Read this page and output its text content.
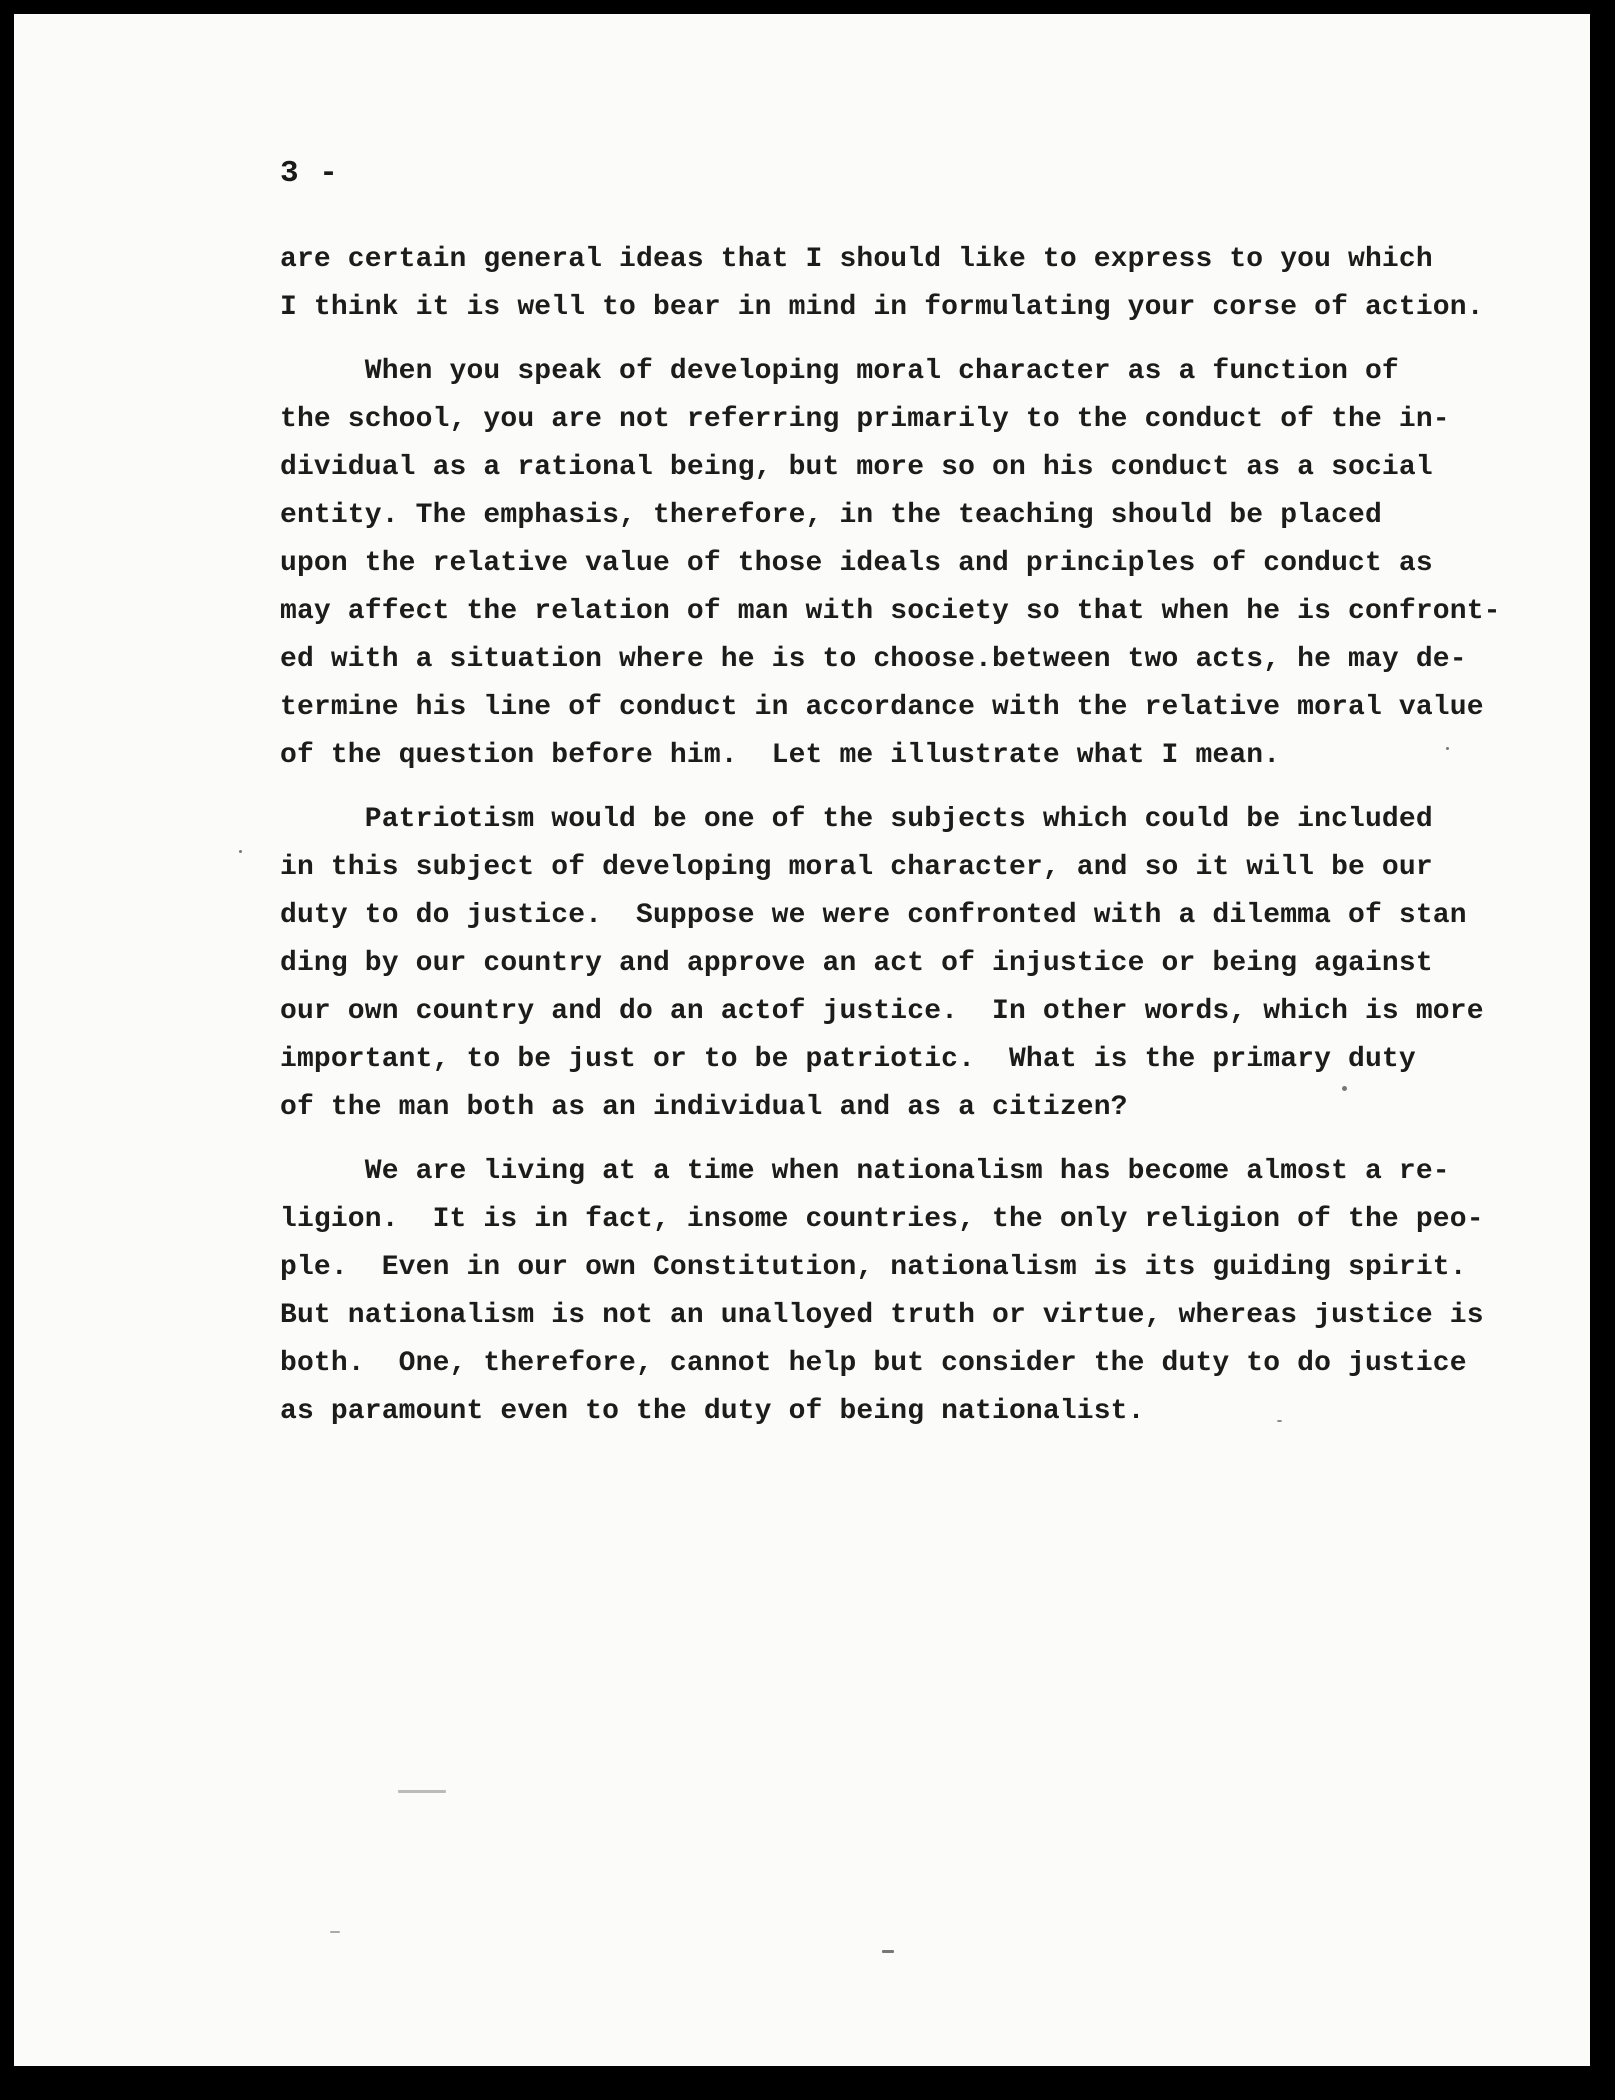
3 -
are certain general ideas that I should like to express to you which
I think it is well to bear in mind in formulating your corse of action.
When you speak of developing moral character as a function of
the school, you are not referring primarily to the conduct of the in-
dividual as a rational being, but more so on his conduct as a social
entity. The emphasis, therefore, in the teaching should be placed
upon the relative value of those ideals and principles of conduct as
may affect the relation of man with society so that when he is confront-
ed with a situation where he is to choose.between two acts, he may de-
termine his line of conduct in accordance with the relative moral value
of the question before him.  Let me illustrate what I mean.
Patriotism would be one of the subjects which could be included
in this subject of developing moral character, and so it will be our
duty to do justice.  Suppose we were confronted with a dilemma of stan
ding by our country and approve an act of injustice or being against
our own country and do an actof justice.  In other words, which is more
important, to be just or to be patriotic.  What is the primary duty
of the man both as an individual and as a citizen?
We are living at a time when nationalism has become almost a re-
ligion.  It is in fact, insome countries, the only religion of the peo-
ple.  Even in our own Constitution, nationalism is its guiding spirit.
But nationalism is not an unalloyed truth or virtue, whereas justice is
both.  One, therefore, cannot help but consider the duty to do justice
as paramount even to the duty of being nationalist.
